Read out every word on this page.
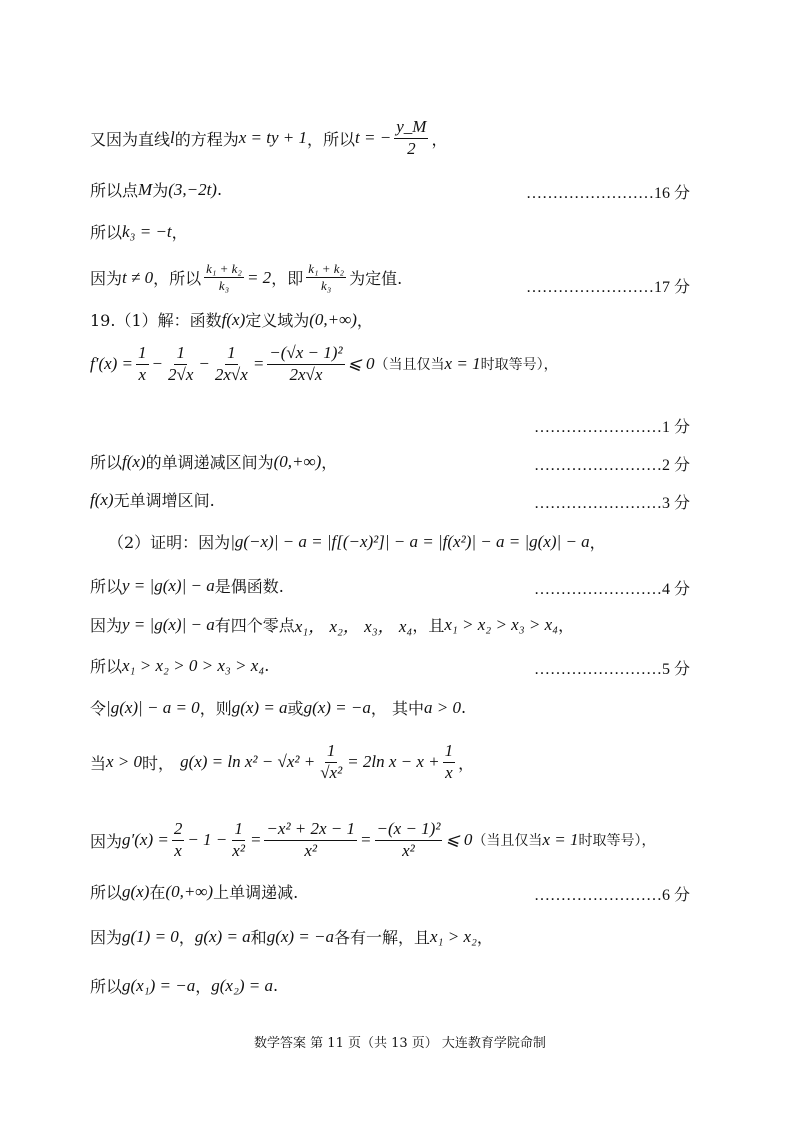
又因为直线 l 的方程为 x = ty + 1 ，所以 t = − $\frac{y\_M}{2}$ ，
所以点 M 为 (3,−2t) .	……………………16 分
所以 k₃ = −t ，
因为 t ≠ 0 ，所以 $\frac{\text{k₁ + k₂}}{\text{k₃}} = 2$ ，即 $\frac{\text{k₁ + k₂}}{\text{k₃}}$ 为定值.	……………………17 分
19.（1）解：函数 f(x) 定义域为 (0,+∞) ，
$f'(x) = \frac{1}{x} - \frac{1}{2√x} - \frac{1}{2x√x} = \frac{\text{−(√x − 1)²}}{2x√x}$ ⩽ 0 （当且仅当 x = 1 时取等号），
……………………1 分
所以 f(x) 的单调递减区间为 (0,+∞) ，	……………………2 分
f(x) 无单调增区间.	……………………3 分
（2）证明：因为 |g(−x)| − a = |f[(−x)²]| − a = |f(x²)| − a = |g(x)| − a ，
所以 y = |g(x)| − a 是偶函数.	……………………4 分
因为 y = |g(x)| − a 有四个零点 x₁， x₂， x₃， x₄ ，且 x₁ > x₂ > x₃ > x₄ ，
所以 x₁ > x₂ > 0 > x₃ > x₄ .	……………………5 分
令 |g(x)| − a = 0 ，则 g(x) = a 或 g(x) = −a ， 其中 a > 0 .
当 x > 0 时， $g(x) = \ln x^2 - √x^2 + \frac{1}{\text{√x²}} = 2\ln$ $x - x + \frac{1}{x}$ ，
因为 $g'(x) = \frac{2}{x} - 1 - \frac{1}{\text{x²}} = \frac{\text{−x² + 2x − 1}}{\text{x²}} = \frac{\text{−(x − 1)²}}{\text{x²}}$ ⩽ 0 （当且仅当 x = 1 时取等号），
所以 g(x) 在 (0,+∞) 上单调递减.	……………………6 分
因为 g(1) = 0 ， g(x) = a 和 g(x) = −a 各有一解，且 x₁ > x₂ ，
所以 g(x₁) = −a ， g(x₂) = a .
数学答案 第 11 页（共 13 页） 大连教育学院命制
